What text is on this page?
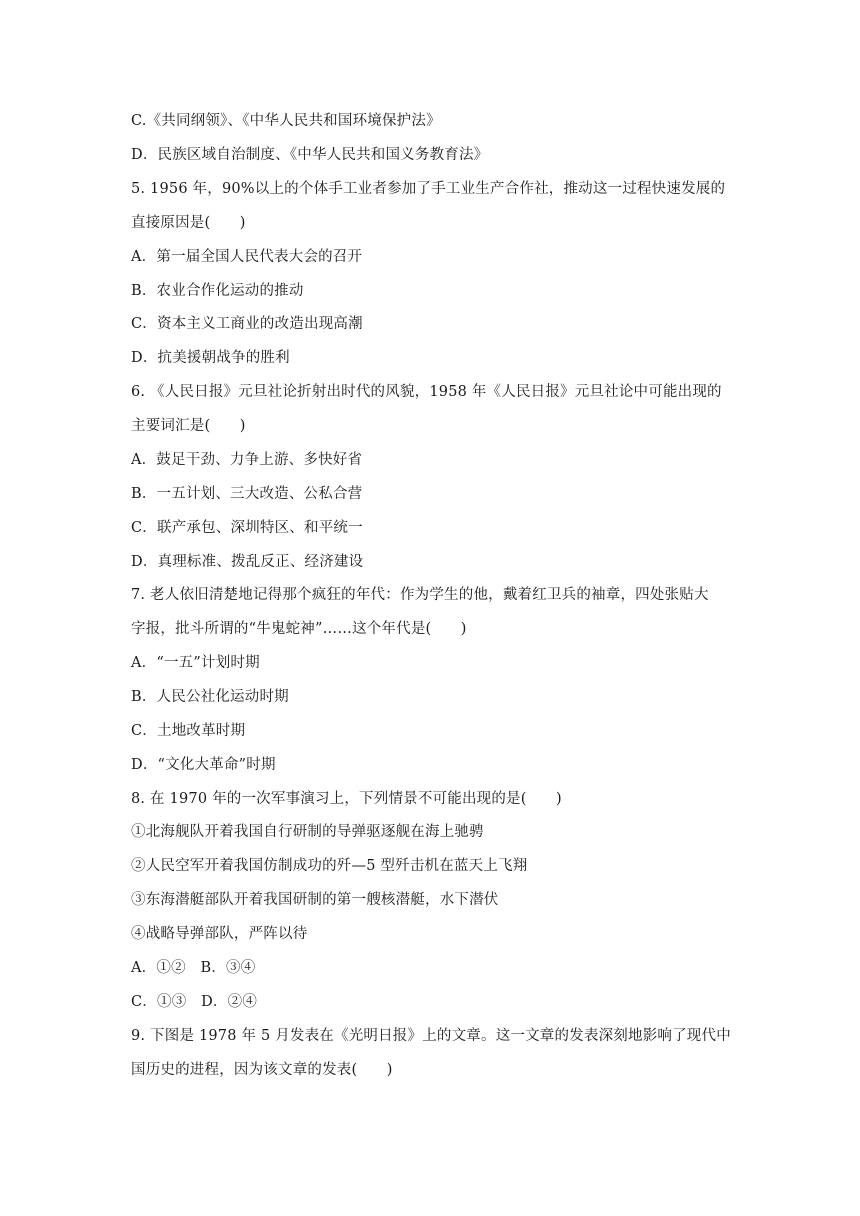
C.《共同纲领》、《中华人民共和国环境保护法》
D．民族区域自治制度、《中华人民共和国义务教育法》
5. 1956 年，90%以上的个体手工业者参加了手工业生产合作社，推动这一过程快速发展的
直接原因是(　　)
A．第一届全国人民代表大会的召开
B．农业合作化运动的推动
C．资本主义工商业的改造出现高潮
D．抗美援朝战争的胜利
6. 《人民日报》元旦社论折射出时代的风貌，1958 年《人民日报》元旦社论中可能出现的
主要词汇是(　　)
A．鼓足干劲、力争上游、多快好省
B．一五计划、三大改造、公私合营
C．联产承包、深圳特区、和平统一
D．真理标准、拨乱反正、经济建设
7. 老人依旧清楚地记得那个疯狂的年代：作为学生的他，戴着红卫兵的袖章，四处张贴大
字报，批斗所谓的“牛鬼蛇神”……这个年代是(　　)
A．“一五”计划时期
B．人民公社化运动时期
C．土地改革时期
D．“文化大革命”时期
8. 在 1970 年的一次军事演习上，下列情景不可能出现的是(　　)
①北海舰队开着我国自行研制的导弹驱逐舰在海上驰骋
②人民空军开着我国仿制成功的歼—5 型歼击机在蓝天上飞翔
③东海潜艇部队开着我国研制的第一艘核潜艇，水下潜伏
④战略导弹部队，严阵以待
A．①②　B．③④
C．①③　D．②④
9. 下图是 1978 年 5 月发表在《光明日报》上的文章。这一文章的发表深刻地影响了现代中
国历史的进程，因为该文章的发表(　　)
